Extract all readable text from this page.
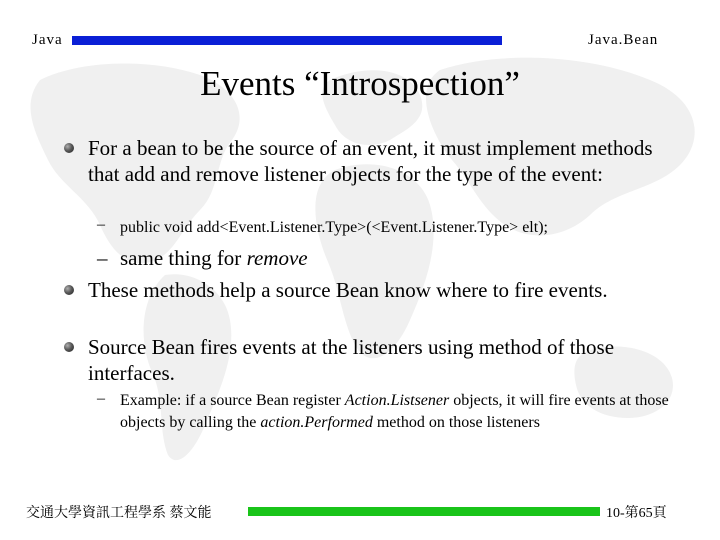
Java	Java.Bean
Events “Introspection”
For a bean to be the source of an event, it must implement methods that add and remove listener objects for the type of the event:
– public void add<Event.Listener.Type>(<Event.Listener.Type> elt);
– same thing for remove
These methods help a source Bean know where to fire events.
Source Bean fires events at the listeners using method of those interfaces.
– Example: if a source Bean register Action.Listsener objects, it will fire events at those objects by calling the action.Performed method on those listeners
交通大學資訊工程學系 蔡文能	10-第65頁
